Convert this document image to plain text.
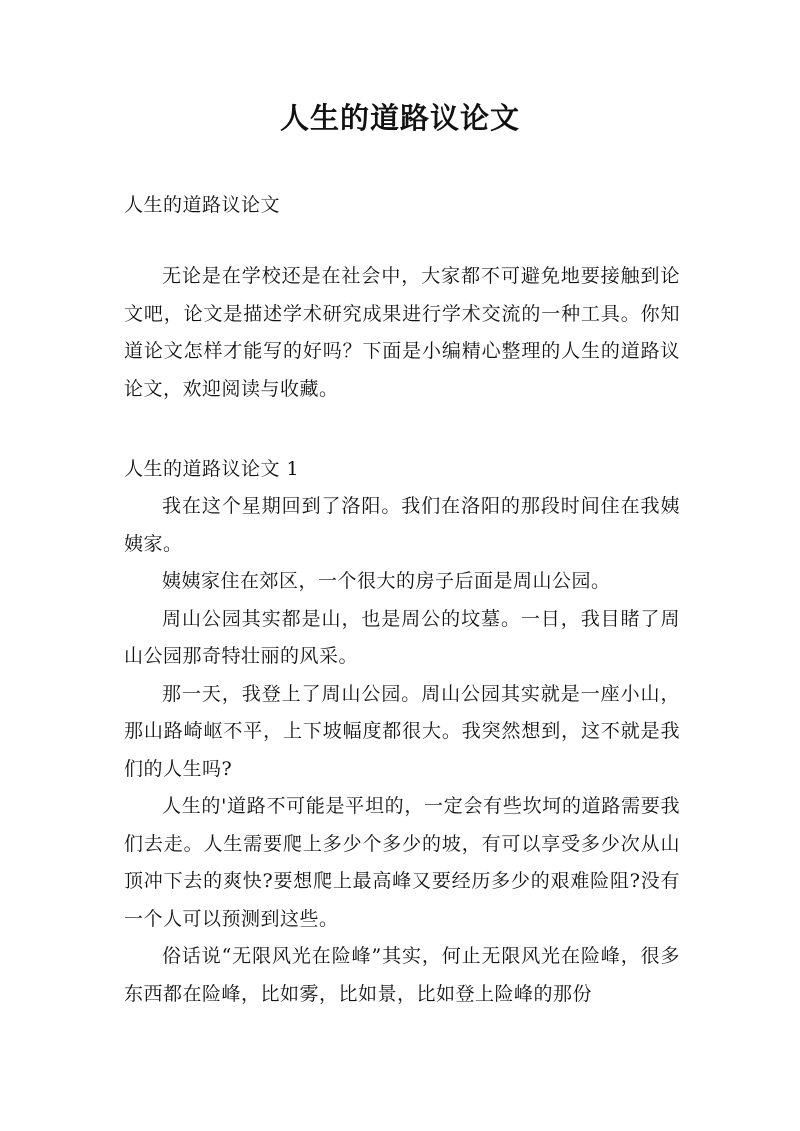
人生的道路议论文
人生的道路议论文

无论是在学校还是在社会中，大家都不可避免地要接触到论文吧，论文是描述学术研究成果进行学术交流的一种工具。你知道论文怎样才能写的好吗？下面是小编精心整理的人生的道路议论文，欢迎阅读与收藏。

人生的道路议论文 1

我在这个星期回到了洛阳。我们在洛阳的那段时间住在我姨姨家。

姨姨家住在郊区，一个很大的房子后面是周山公园。

周山公园其实都是山，也是周公的坟墓。一日，我目睹了周山公园那奇特壮丽的风采。

那一天，我登上了周山公园。周山公园其实就是一座小山，那山路崎岖不平，上下坡幅度都很大。我突然想到，这不就是我们的人生吗?

人生的'道路不可能是平坦的，一定会有些坎坷的道路需要我们去走。人生需要爬上多少个多少的坡，有可以享受多少次从山顶冲下去的爽快?要想爬上最高峰又要经历多少的艰难险阻?没有一个人可以预测到这些。

俗话说“无限风光在险峰”其实，何止无限风光在险峰，很多东西都在险峰，比如雾，比如景，比如登上险峰的那份
